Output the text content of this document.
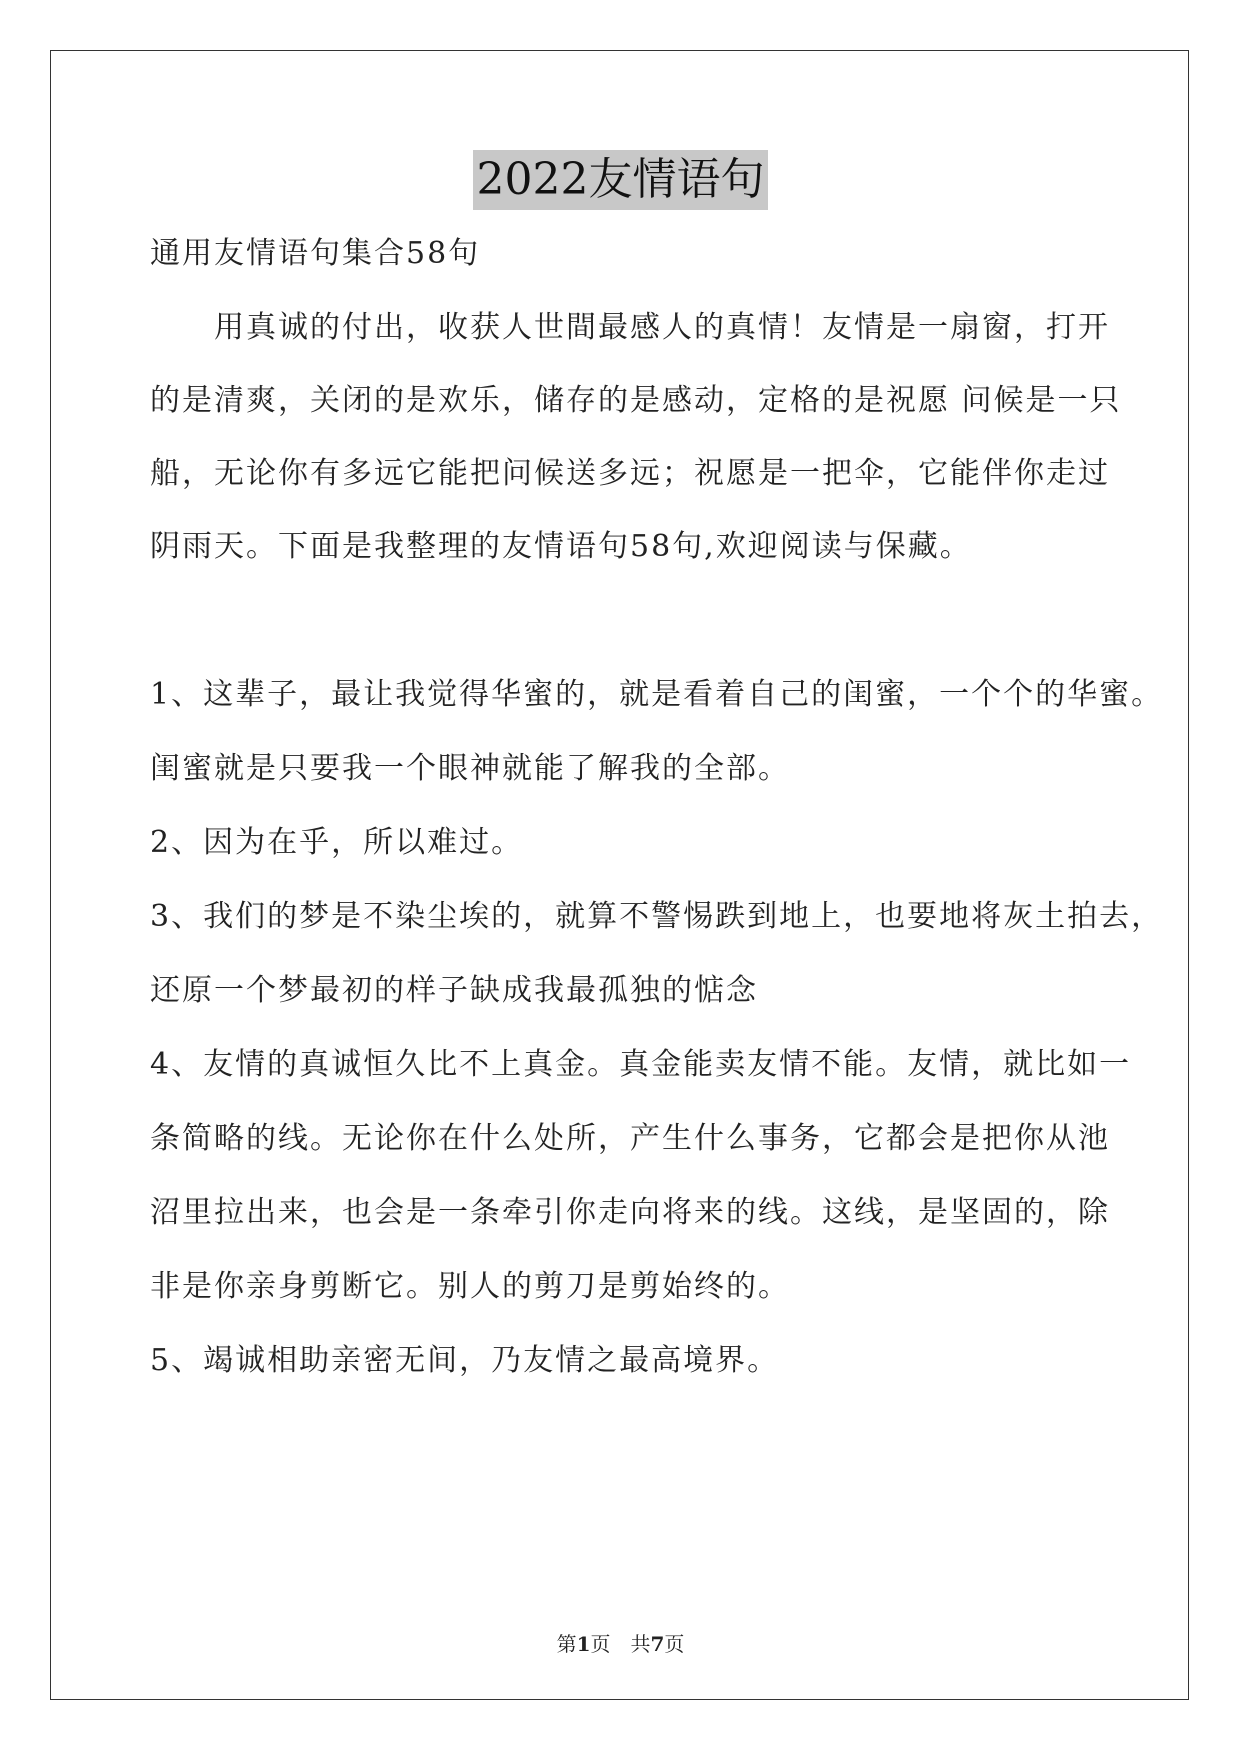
2022友情语句
通用友情语句集合58句
　　用真诚的付出，收获人世間最感人的真情！友情是一扇窗，打开
的是清爽，关闭的是欢乐，储存的是感动，定格的是祝愿 问候是一只
船，无论你有多远它能把问候送多远；祝愿是一把伞，它能伴你走过
阴雨天。下面是我整理的友情语句58句,欢迎阅读与保藏。
1、这辈子，最让我觉得华蜜的，就是看着自己的闺蜜，一个个的华蜜。
闺蜜就是只要我一个眼神就能了解我的全部。
2、因为在乎，所以难过。
3、我们的梦是不染尘埃的，就算不警惕跌到地上，也要地将灰土拍去，
还原一个梦最初的样子缺成我最孤独的惦念
4、友情的真诚恒久比不上真金。真金能卖友情不能。友情，就比如一
条简略的线。无论你在什么处所，产生什么事务，它都会是把你从池
沼里拉出来，也会是一条牵引你走向将来的线。这线，是坚固的，除
非是你亲身剪断它。别人的剪刀是剪始终的。
5、竭诚相助亲密无间，乃友情之最高境界。
第1页　共7页
